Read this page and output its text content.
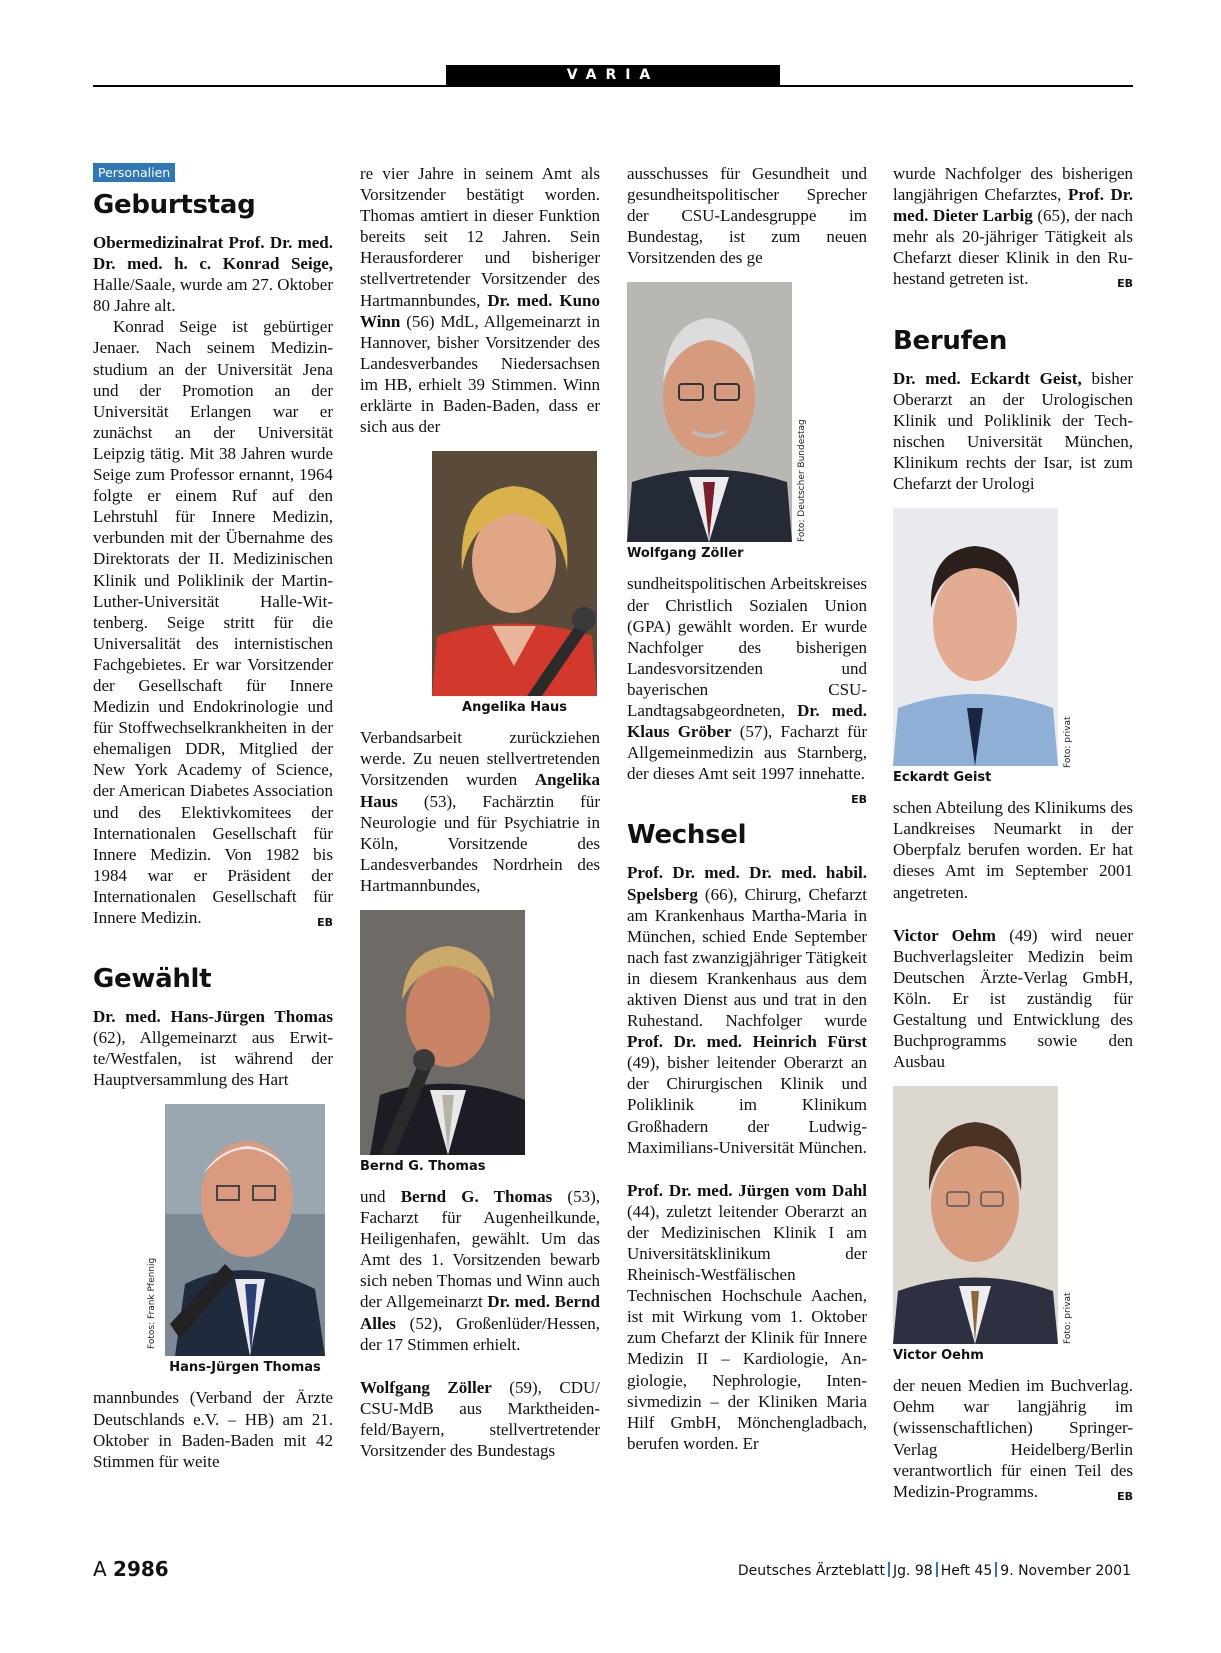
VARIA
Personalien
Geburtstag

Obermedizinalrat Prof. Dr. med. Dr. med. h. c. Konrad Seige, Halle/Saale, wurde am 27. Oktober 80 Jahre alt.

Konrad Seige ist gebürtiger Jenaer. Nach seinem Medizinstudium an der Universität Jena und der Promotion an der Universität Erlangen war er zunächst an der Universität Leipzig tätig. Mit 38 Jahren wurde Seige zum Professor ernannt, 1964 folgte er einem Ruf auf den Lehrstuhl für Innere Medizin, verbunden mit der Übernahme des Direktorats der II. Medizinischen Klinik und Poliklinik der Martin-Luther-Universität Halle-Wittenberg. Seige stritt für die Universalität des internistischen Fachgebietes. Er war Vorsitzender der Gesellschaft für Innere Medizin und Endokrinologie und für Stoffwechselkrankheiten in der ehemaligen DDR, Mitglied der New York Academy of Science, der American Diabetes Association und des Elektivkomitees der Internationalen Gesellschaft für Innere Medizin. Von 1982 bis 1984 war er Präsident der Internationalen Gesellschaft für Innere Medizin.	EB

Gewählt

Dr. med. Hans-Jürgen Thomas (62), Allgemeinarzt aus Erwitte/Westfalen, ist während der Hauptversammlung des Hart

Fotos: Frank Pfennig
Hans-Jürgen Thomas

mannbundes (Verband der Ärzte Deutschlands e.V. – HB) am 21. Oktober in Baden-Baden mit 42 Stimmen für weite

re vier Jahre in seinem Amt als Vorsitzender bestätigt worden. Thomas amtiert in dieser Funktion bereits seit 12 Jahren. Sein Herausforderer und bisheriger stellvertretender Vorsitzender des Hartmannbundes, Dr. med. Kuno Winn (56) MdL, Allgemeinarzt in Hannover, bisher Vorsitzender des Landesverbandes Niedersachsen im HB, erhielt 39 Stimmen. Winn erklärte in Baden-Baden, dass er sich aus der

Angelika Haus

Verbandsarbeit zurückziehen werde. Zu neuen stellvertretenden Vorsitzenden wurden Angelika Haus (53), Fachärztin für Neurologie und für Psychiatrie in Köln, Vorsitzende des Landesverbandes Nordrhein des Hartmannbundes,

Bernd G. Thomas

und Bernd G. Thomas (53), Facharzt für Augenheilkunde, Heiligenhafen, gewählt. Um das Amt des 1. Vorsitzenden bewarb sich neben Thomas und Winn auch der Allgemeinarzt Dr. med. Bernd Alles (52), Großenlüder/Hessen, der 17 Stimmen erhielt.

Wolfgang Zöller (59), CDU/ CSU-MdB aus Marktheidenfeld/Bayern, stellvertretender Vorsitzender des Bundestags

ausschusses für Gesundheit und gesundheitspolitischer Sprecher der CSU-Landesgruppe im Bundestag, ist zum neuen Vorsitzenden des ge

Foto: Deutscher Bundestag
Wolfgang Zöller

sundheitspolitischen Arbeitskreises der Christlich Sozialen Union (GPA) gewählt worden. Er wurde Nachfolger des bisherigen Landesvorsitzenden und bayerischen CSU-Landtagsabgeordneten, Dr. med. Klaus Gröber (57), Facharzt für Allgemeinmedizin aus Starnberg, der dieses Amt seit 1997 innehatte.
EB

Wechsel

Prof. Dr. med. Dr. med. habil. Spelsberg (66), Chirurg, Chefarzt am Krankenhaus Martha-Maria in München, schied Ende September nach fast zwanzigjähriger Tätigkeit in diesem Krankenhaus aus dem aktiven Dienst aus und trat in den Ruhestand. Nachfolger wurde Prof. Dr. med. Heinrich Fürst (49), bisher leitender Oberarzt an der Chirurgischen Klinik und Poliklinik im Klinikum Großhadern der Ludwig-Maximilians-Universität München.

Prof. Dr. med. Jürgen vom Dahl (44), zuletzt leitender Oberarzt an der Medizinischen Klinik I am Universitätsklinikum der Rheinisch-Westfälischen Technischen Hochschule Aachen, ist mit Wirkung vom 1. Oktober zum Chefarzt der Klinik für Innere Medizin II – Kardiologie, Angiologie, Nephrologie, Intensivmedizin – der Kliniken Maria Hilf GmbH, Mönchengladbach, berufen worden. Er

wurde Nachfolger des bisherigen langjährigen Chefarztes, Prof. Dr. med. Dieter Larbig (65), der nach mehr als 20-jähriger Tätigkeit als Chefarzt dieser Klinik in den Ruhestand getreten ist.	EB

Berufen

Dr. med. Eckardt Geist, bisher Oberarzt an der Urologischen Klinik und Poliklinik der Technischen Universität München, Klinikum rechts der Isar, ist zum Chefarzt der Urologi

Foto: privat
Eckardt Geist

schen Abteilung des Klinikums des Landkreises Neumarkt in der Oberpfalz berufen worden. Er hat dieses Amt im September 2001 angetreten.

Victor Oehm (49) wird neuer Buchverlagsleiter Medizin beim Deutschen Ärzte-Verlag GmbH, Köln. Er ist zuständig für Gestaltung und Entwicklung des Buchprogramms sowie den Ausbau

Foto: privat
Victor Oehm

der neuen Medien im Buchverlag. Oehm war langjährig im (wissenschaftlichen) Springer-Verlag Heidelberg/Berlin verantwortlich für einen Teil des Medizin-Programms.	EB

A 2986	Deutsches Ärzteblatt Jg. 98 Heft 45 9. November 2001
